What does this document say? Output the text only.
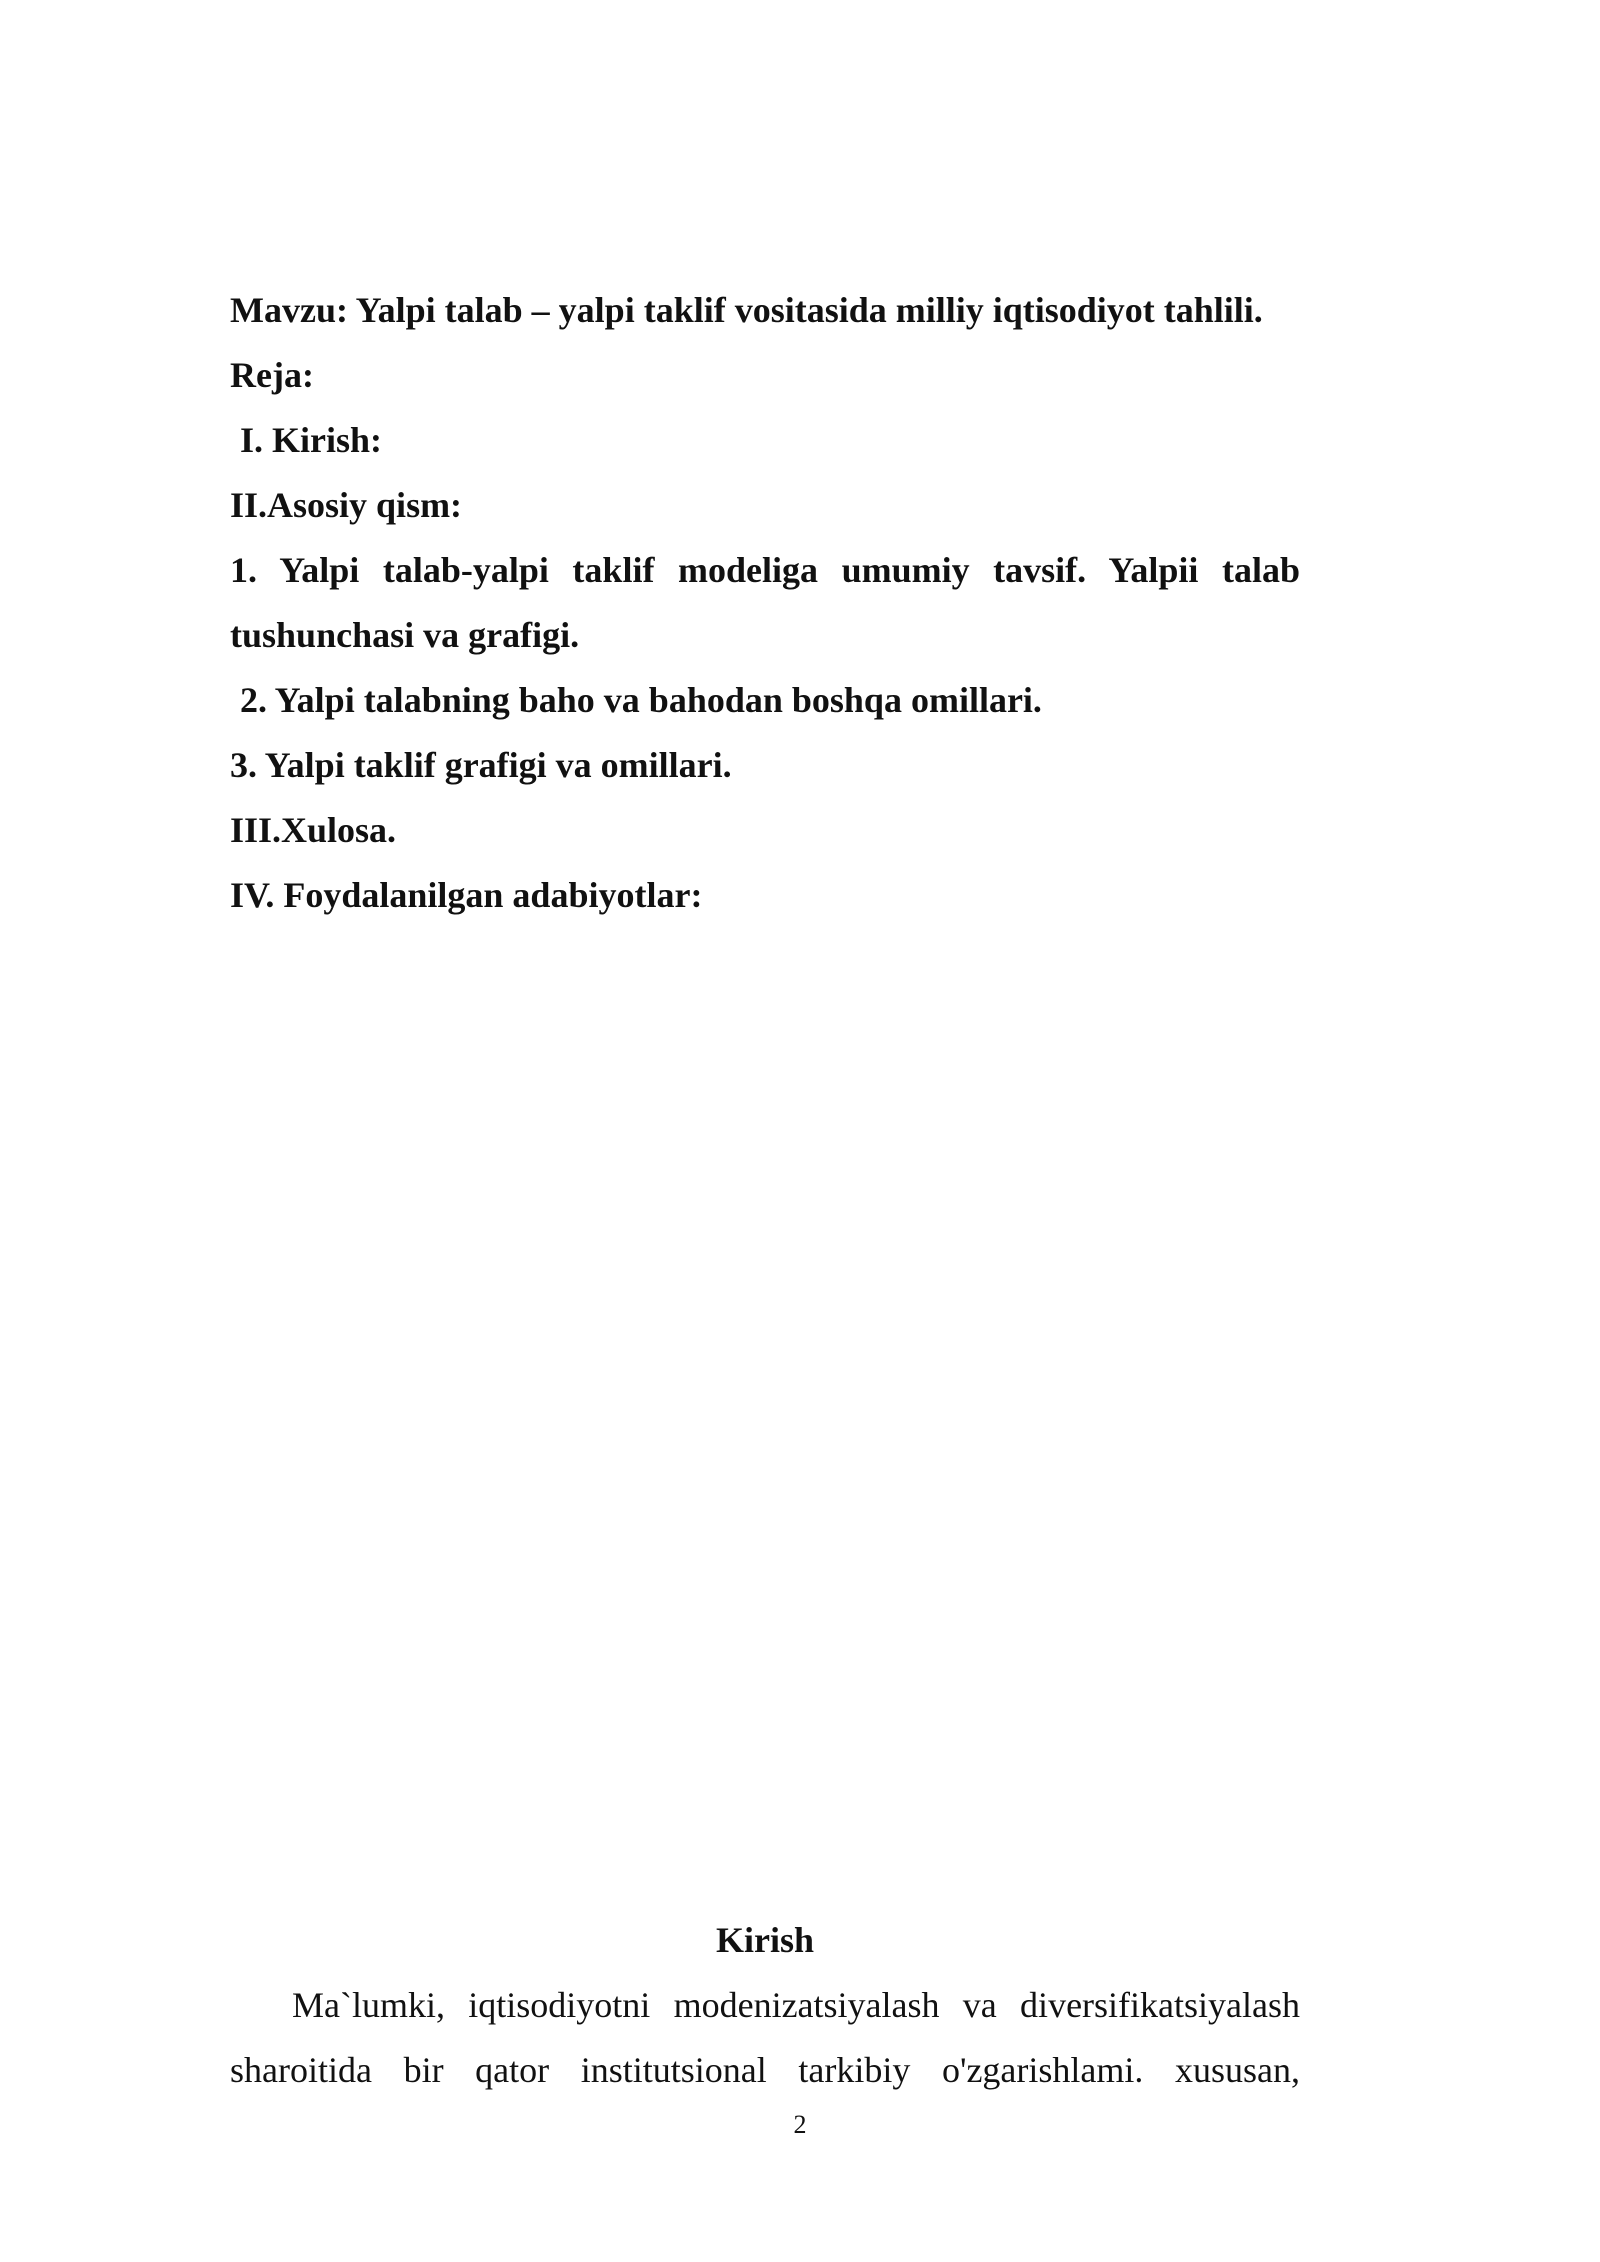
Mavzu: Yalpi talab – yalpi taklif vositasida milliy iqtisodiyot tahlili.

Reja:

I. Kirish:

II.Asosiy qism:

1. Yalpi talab-yalpi taklif modeliga umumiy tavsif. Yalpii talab tushunchasi va grafigi.

2. Yalpi talabning baho va bahodan boshqa omillari.

3. Yalpi taklif grafigi va omillari.

III.Xulosa.

IV. Foydalanilgan adabiyotlar:

Kirish

Ma`lumki, iqtisodiyotni modenizatsiyalash va diversifikatsiyalash
sharoitida bir qator institutsional tarkibiy o'zgarishlami. xususan,

2
